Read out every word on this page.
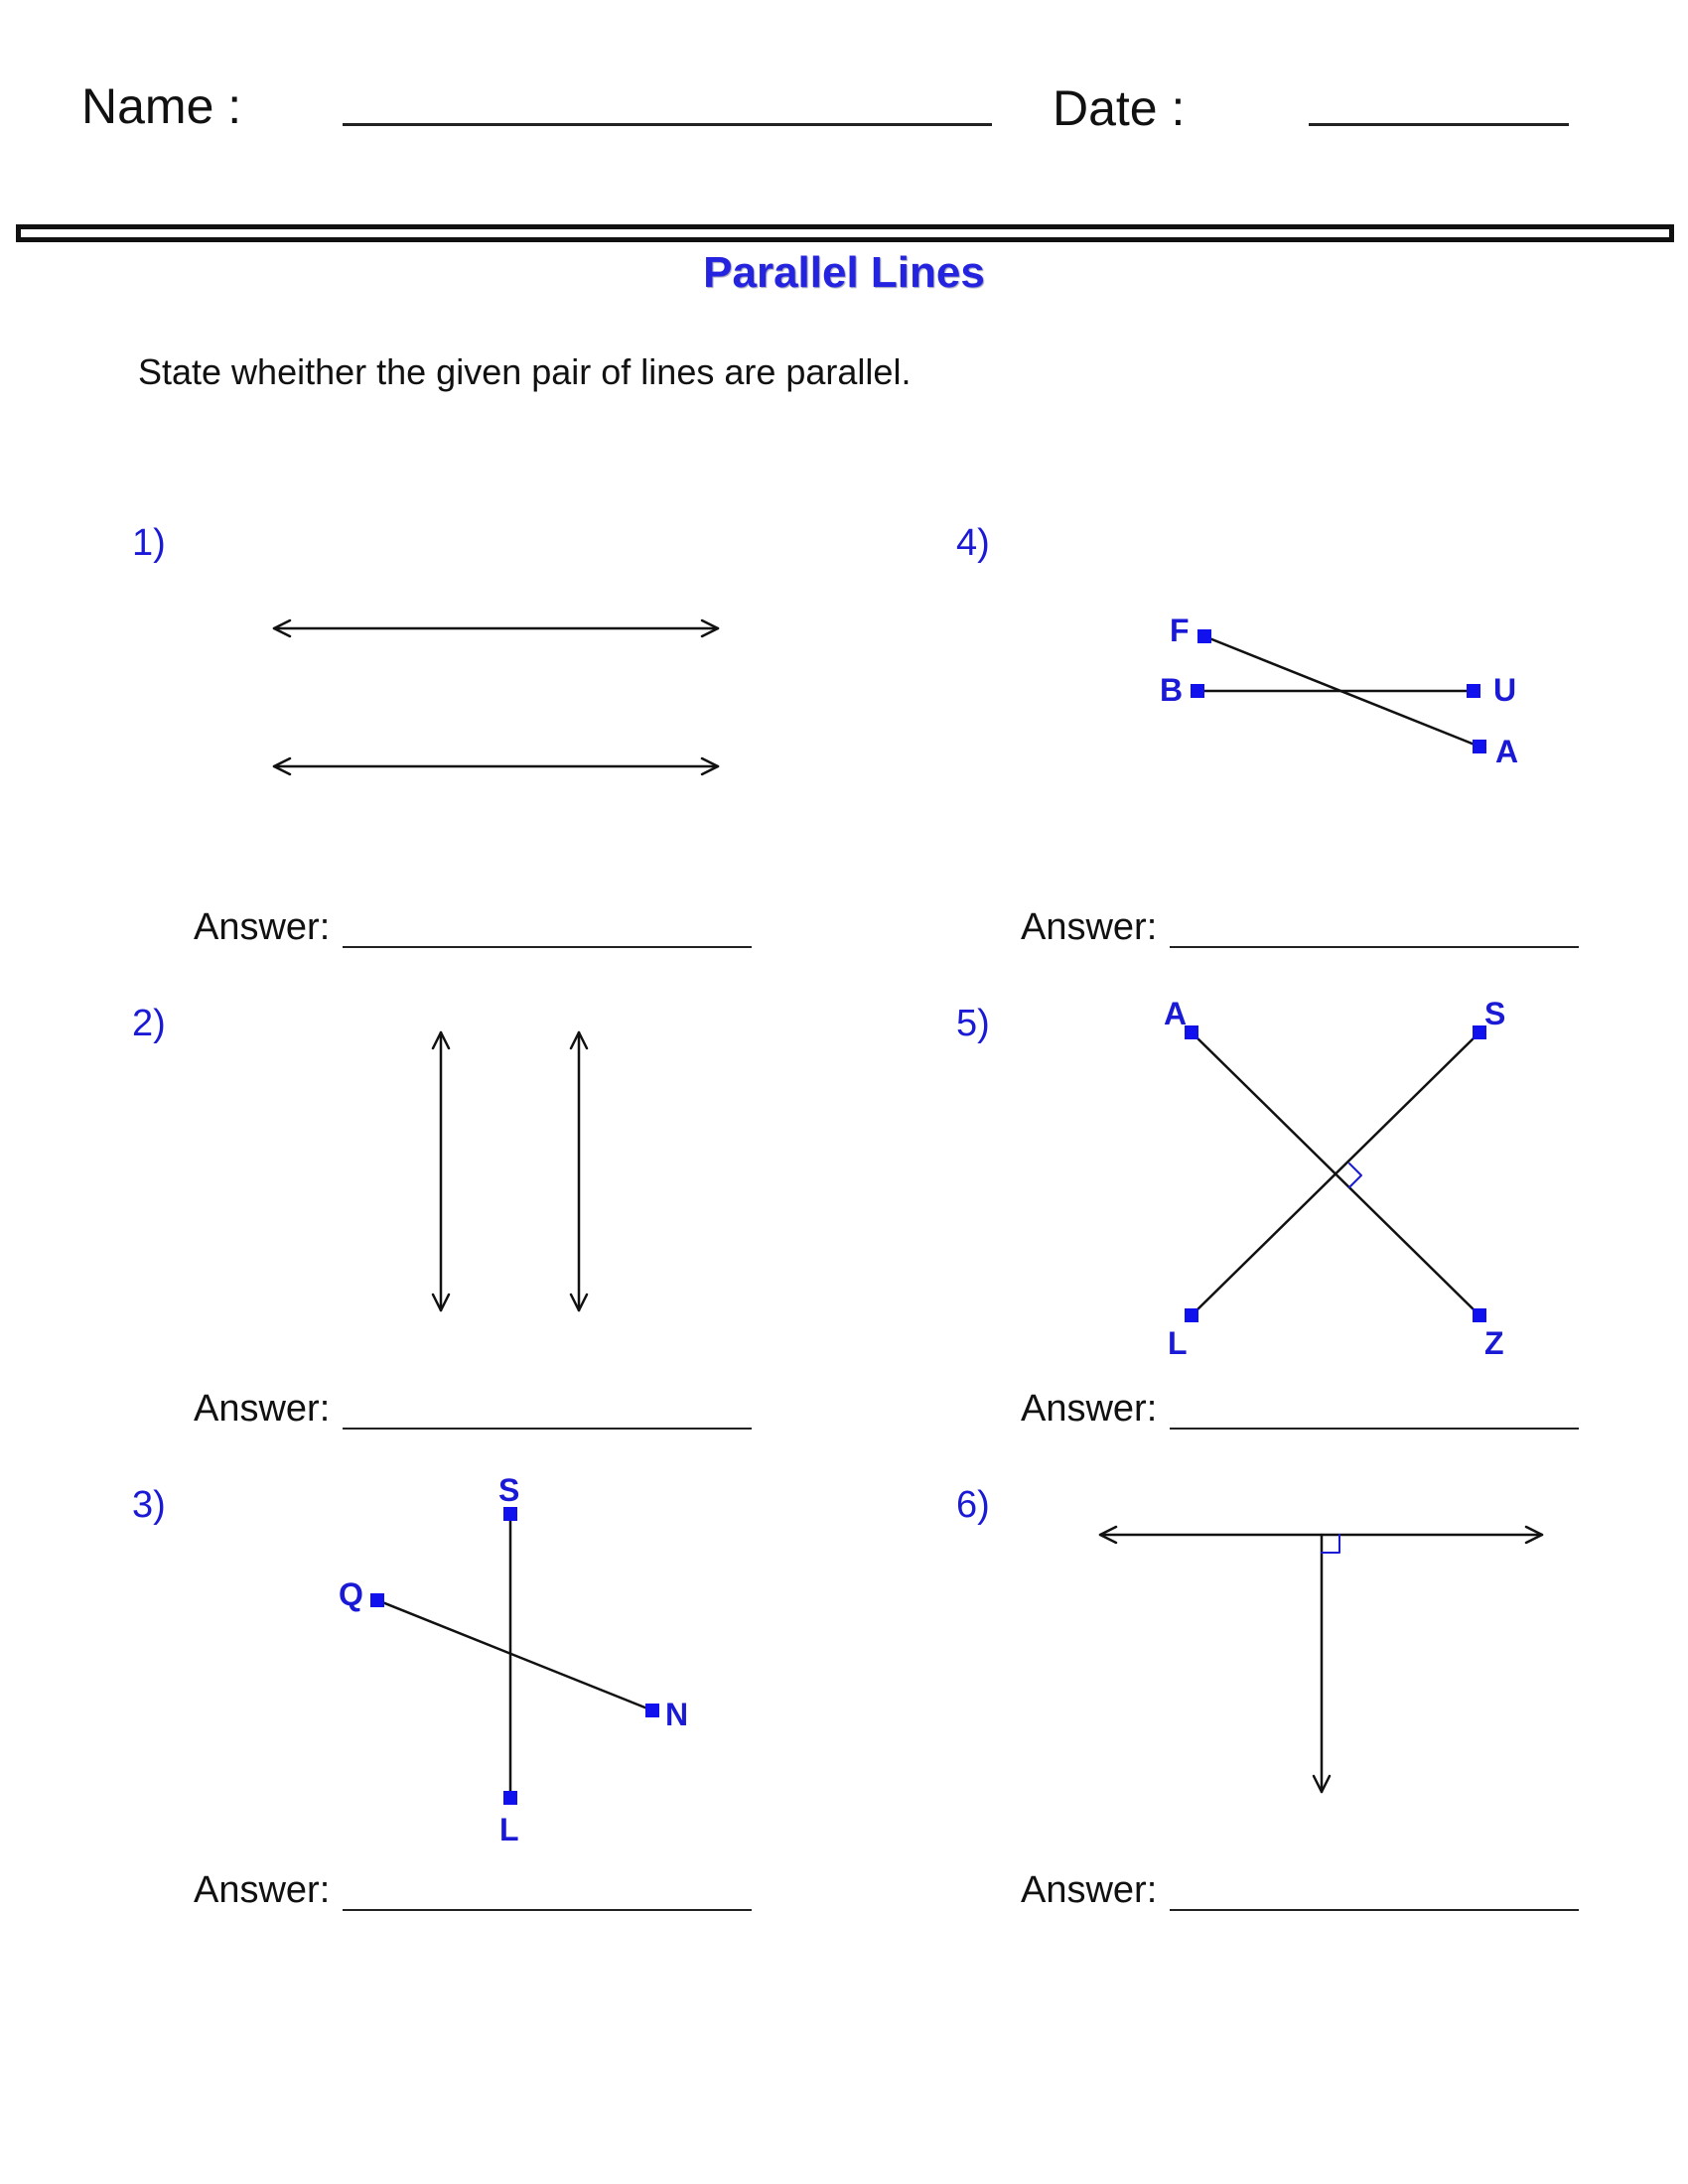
Name :	Date :
Parallel Lines
State wheither the given pair of lines are parallel.
1)
2)
3)
4)
5)
6)
Answer:
Answer:
Answer:
Answer:
Answer:
Answer:
S
Q
N
L
F
B	U
A
A	S
L	Z
